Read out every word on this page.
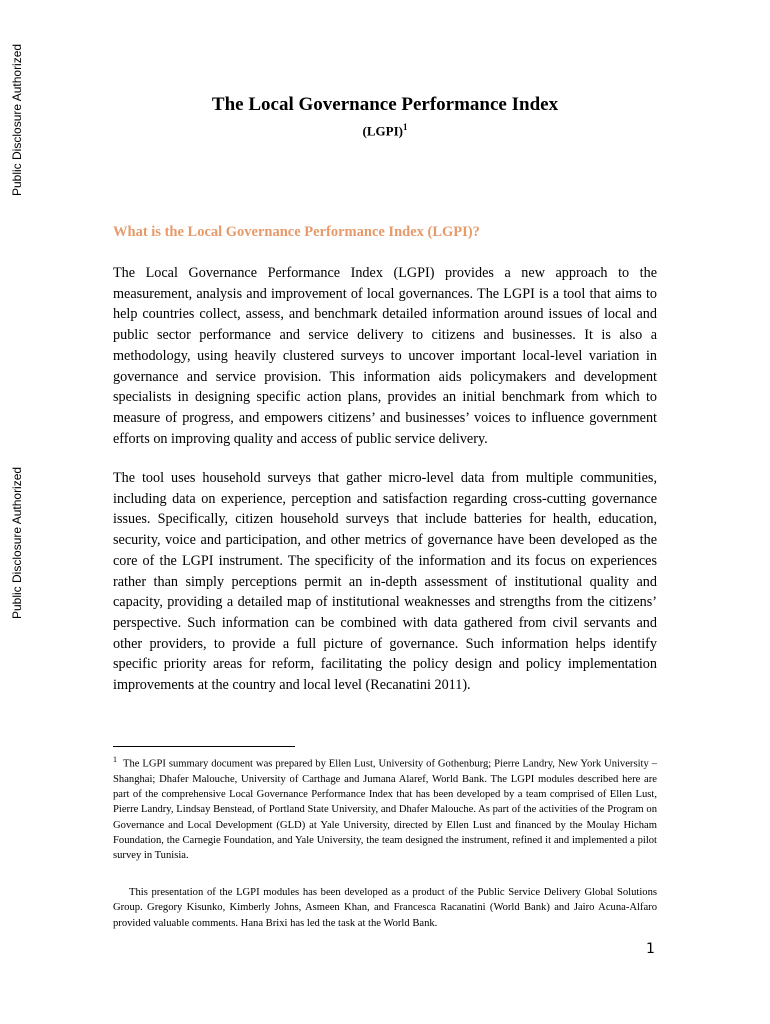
Public Disclosure Authorized
Public Disclosure Authorized
The Local Governance Performance Index
(LGPI)$^1$
What is the Local Governance Performance Index (LGPI)?

The Local Governance Performance Index (LGPI) provides a new approach to the measurement, analysis and improvement of local governances. The LGPI is a tool that aims to help countries collect, assess, and benchmark detailed information around issues of local and public sector performance and service delivery to citizens and businesses. It is also a methodology, using heavily clustered surveys to uncover important local-level variation in governance and service provision. This information aids policymakers and development specialists in designing specific action plans, provides an initial benchmark from which to measure of progress, and empowers citizens’ and businesses’ voices to influence government efforts on improving quality and access of public service delivery.

The tool uses household surveys that gather micro-level data from multiple communities, including data on experience, perception and satisfaction regarding cross-cutting governance issues. Specifically, citizen household surveys that include batteries for health, education, security, voice and participation, and other metrics of governance have been developed as the core of the LGPI instrument. The specificity of the information and its focus on experiences rather than simply perceptions permit an in-depth assessment of institutional quality and capacity, providing a detailed map of institutional weaknesses and strengths from the citizens’ perspective. Such information can be combined with data gathered from civil servants and other providers, to provide a full picture of governance. Such information helps identify specific priority areas for reform, facilitating the policy design and policy implementation improvements at the country and local level (Recanatini 2011).

$^1$ The LGPI summary document was prepared by Ellen Lust, University of Gothenburg; Pierre Landry, New York University – Shanghai; Dhafer Malouche, University of Carthage and Jumana Alaref, World Bank. The LGPI modules described here are part of the comprehensive Local Governance Performance Index that has been developed by a team comprised of Ellen Lust, Pierre Landry, Lindsay Benstead, of Portland State University, and Dhafer Malouche. As part of the activities of the Program on Governance and Local Development (GLD) at Yale University, directed by Ellen Lust and financed by the Moulay Hicham Foundation, the Carnegie Foundation, and Yale University, the team designed the instrument, refined it and implemented a pilot survey in Tunisia.

This presentation of the LGPI modules has been developed as a product of the Public Service Delivery Global Solutions Group. Gregory Kisunko, Kimberly Johns, Asmeen Khan, and Francesca Racanatini (World Bank) and Jairo Acuna-Alfaro provided valuable comments. Hana Brixi has led the task at the World Bank.

1
